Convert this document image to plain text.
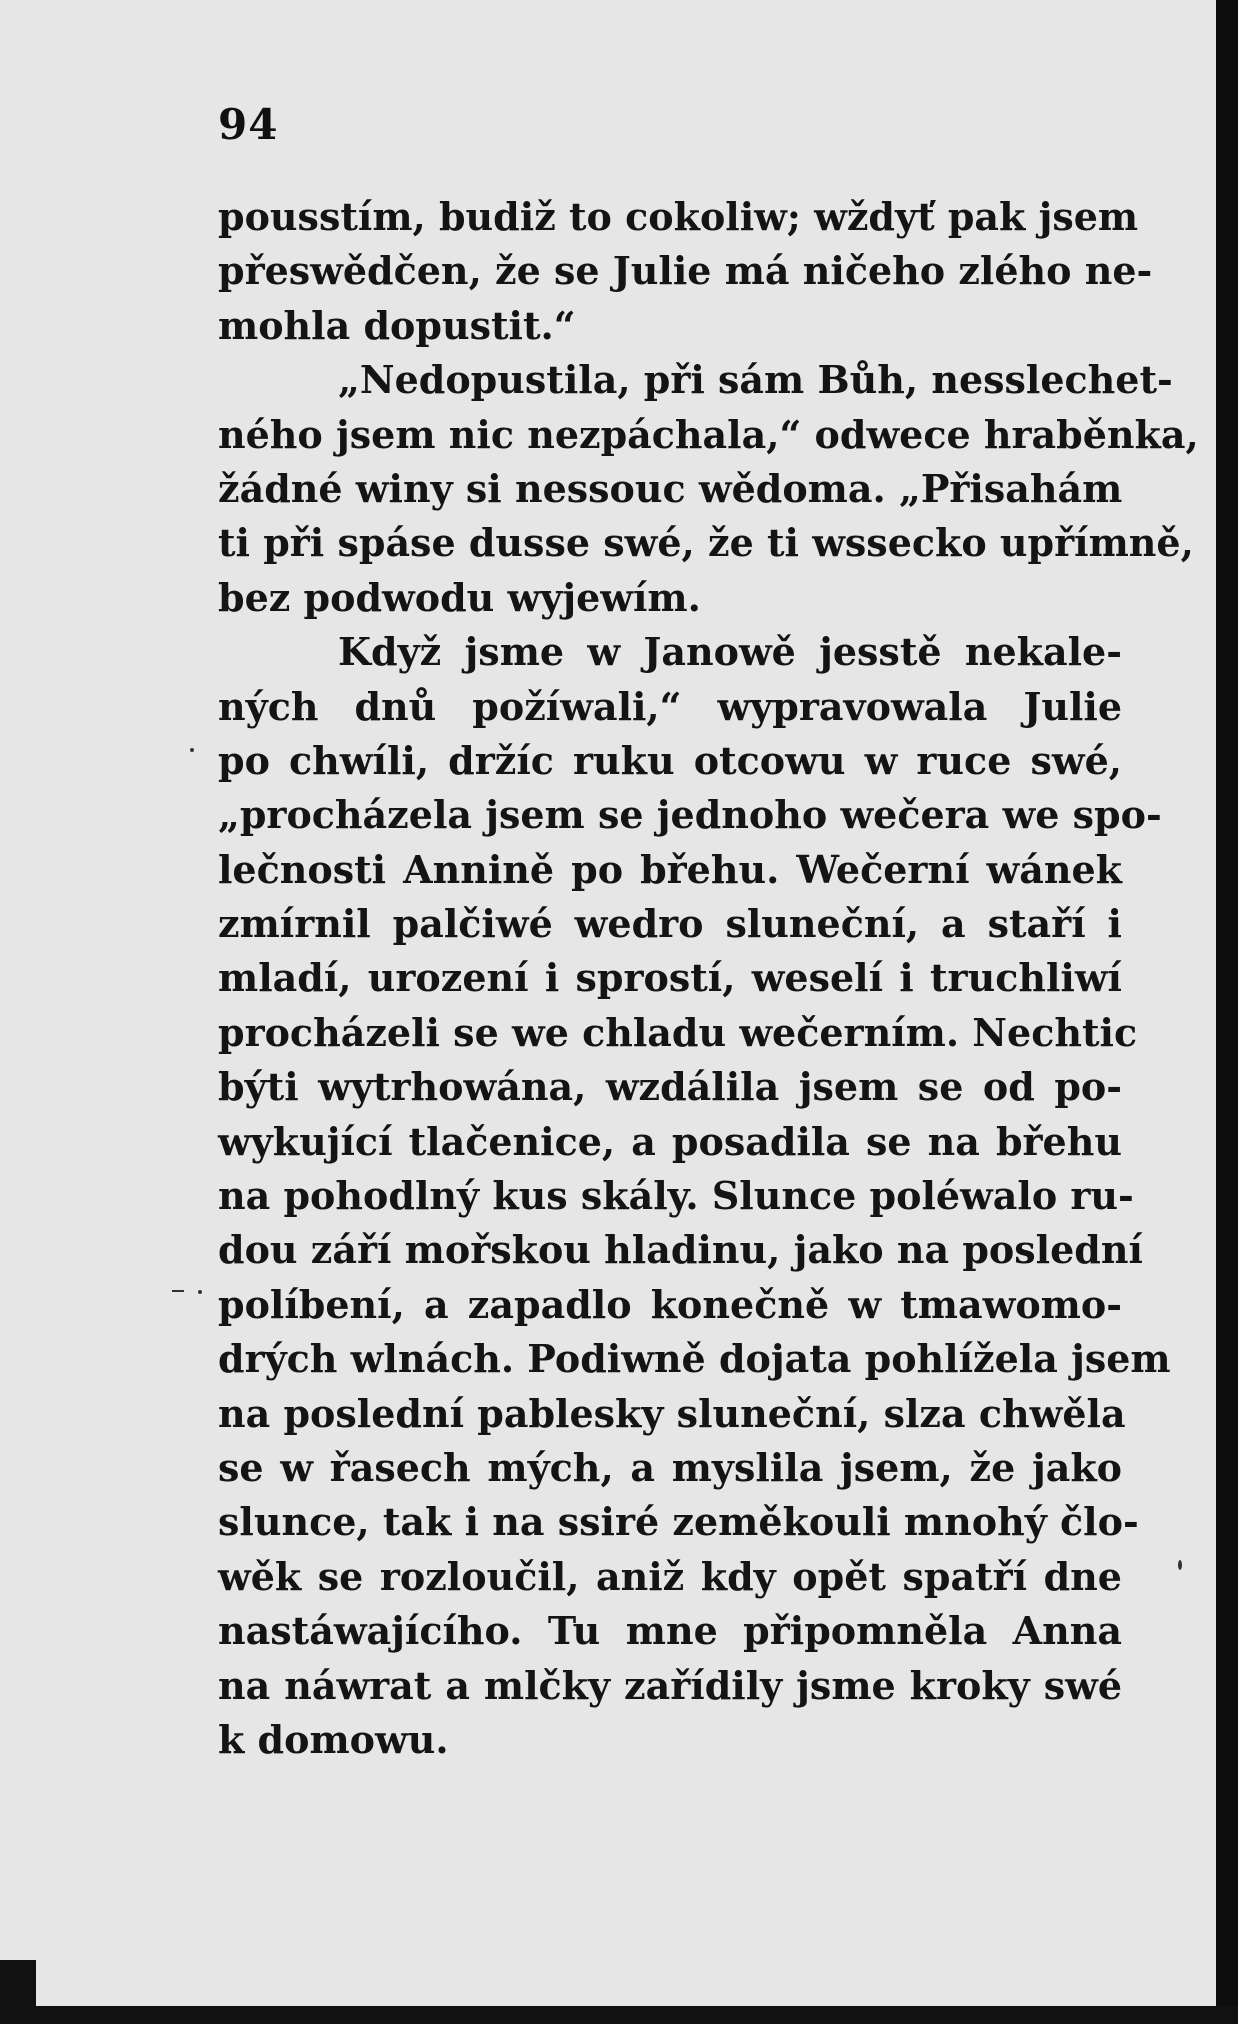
94
pousstím, budiž to cokoliw; wždyť pak jsem
přeswědčen, že se Julie má ničeho zlého ne-
mohla dopustit.“
„Nedopustila, při sám Bůh, nesslechet-
ného jsem nic nezpáchala,“ odwece hraběnka,
žádné winy si nessouc wědoma. „Přisahám
ti při spáse dusse swé, že ti wssecko upřímně,
bez podwodu wyjewím.
Když jsme w Janowě jesstě nekale-
ných dnů požíwali,“ wypravowala Julie
po chwíli, držíc ruku otcowu w ruce swé,
„procházela jsem se jednoho wečera we spo-
lečnosti Annině po břehu. Wečerní wánek
zmírnil palčiwé wedro sluneční, a staří i
mladí, urození i sprostí, weselí i truchliwí
procházeli se we chladu wečerním. Nechtic
býti wytrhowána, wzdálila jsem se od po-
wykující tlačenice, a posadila se na břehu
na pohodlný kus skály. Slunce poléwalo ru-
dou září mořskou hladinu, jako na poslední
políbení, a zapadlo konečně w tmawomo-
drých wlnách. Podiwně dojata pohlížela jsem
na poslední pablesky sluneční, slza chwěla
se w řasech mých, a myslila jsem, že jako
slunce, tak i na ssiré zeměkouli mnohý člo-
wěk se rozloučil, aniž kdy opět spatří dne
nastáwajícího. Tu mne připomněla Anna
na náwrat a mlčky zařídily jsme kroky swé
k domowu.
